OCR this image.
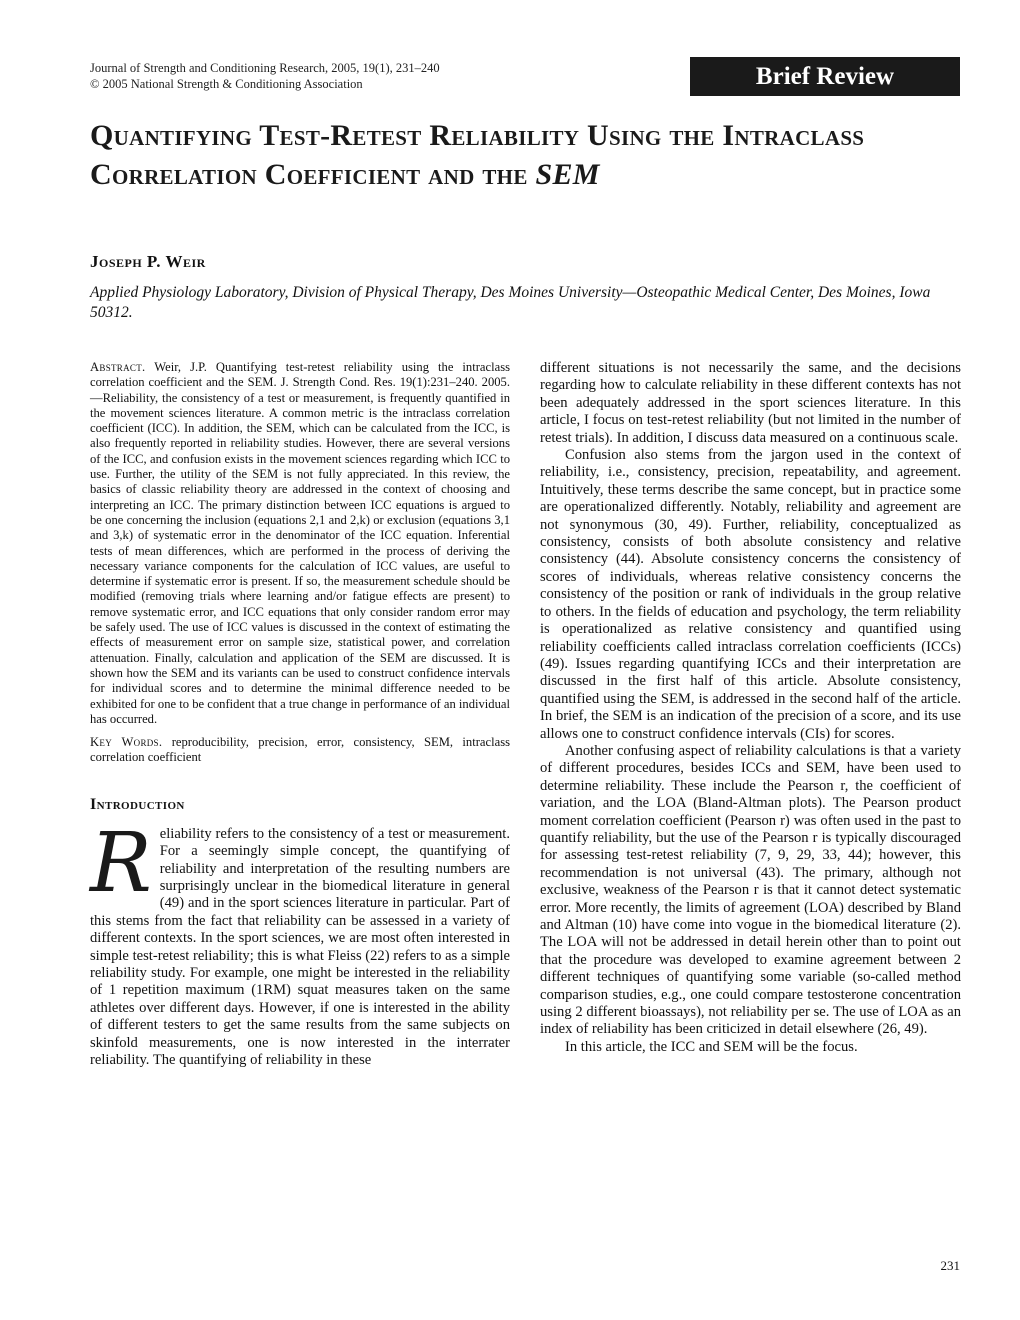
Journal of Strength and Conditioning Research, 2005, 19(1), 231–240
© 2005 National Strength & Conditioning Association	Brief Review
Quantifying Test-Retest Reliability Using the Intraclass Correlation Coefficient and the SEM
Joseph P. Weir
Applied Physiology Laboratory, Division of Physical Therapy, Des Moines University—Osteopathic Medical Center, Des Moines, Iowa 50312.

Abstract. Weir, J.P. Quantifying test-retest reliability using the intraclass correlation coefficient and the SEM. J. Strength Cond. Res. 19(1):231–240. 2005.—Reliability, the consistency of a test or measurement, is frequently quantified in the movement sciences literature. A common metric is the intraclass correlation coefficient (ICC). In addition, the SEM, which can be calculated from the ICC, is also frequently reported in reliability studies. However, there are several versions of the ICC, and confusion exists in the movement sciences regarding which ICC to use. Further, the utility of the SEM is not fully appreciated. In this review, the basics of classic reliability theory are addressed in the context of choosing and interpreting an ICC. The primary distinction between ICC equations is argued to be one concerning the inclusion (equations 2,1 and 2,k) or exclusion (equations 3,1 and 3,k) of systematic error in the denominator of the ICC equation. Inferential tests of mean differences, which are performed in the process of deriving the necessary variance components for the calculation of ICC values, are useful to determine if systematic error is present. If so, the measurement schedule should be modified (removing trials where learning and/or fatigue effects are present) to remove systematic error, and ICC equations that only consider random error may be safely used. The use of ICC values is discussed in the context of estimating the effects of measurement error on sample size, statistical power, and correlation attenuation. Finally, calculation and application of the SEM are discussed. It is shown how the SEM and its variants can be used to construct confidence intervals for individual scores and to determine the minimal difference needed to be exhibited for one to be confident that a true change in performance of an individual has occurred.

Key Words. reproducibility, precision, error, consistency, SEM, intraclass correlation coefficient

Introduction

Reliability refers to the consistency of a test or measurement. For a seemingly simple concept, the quantifying of reliability and interpretation of the resulting numbers are surprisingly unclear in the biomedical literature in general (49) and in the sport sciences literature in particular. Part of this stems from the fact that reliability can be assessed in a variety of different contexts. In the sport sciences, we are most often interested in simple test-retest reliability; this is what Fleiss (22) refers to as a simple reliability study. For example, one might be interested in the reliability of 1 repetition maximum (1RM) squat measures taken on the same athletes over different days. However, if one is interested in the ability of different testers to get the same results from the same subjects on skinfold measurements, one is now interested in the interrater reliability. The quantifying of reliability in these

different situations is not necessarily the same, and the decisions regarding how to calculate reliability in these different contexts has not been adequately addressed in the sport sciences literature. In this article, I focus on test-retest reliability (but not limited in the number of retest trials). In addition, I discuss data measured on a continuous scale.

Confusion also stems from the jargon used in the context of reliability, i.e., consistency, precision, repeatability, and agreement. Intuitively, these terms describe the same concept, but in practice some are operationalized differently. Notably, reliability and agreement are not synonymous (30, 49). Further, reliability, conceptualized as consistency, consists of both absolute consistency and relative consistency (44). Absolute consistency concerns the consistency of scores of individuals, whereas relative consistency concerns the consistency of the position or rank of individuals in the group relative to others. In the fields of education and psychology, the term reliability is operationalized as relative consistency and quantified using reliability coefficients called intraclass correlation coefficients (ICCs) (49). Issues regarding quantifying ICCs and their interpretation are discussed in the first half of this article. Absolute consistency, quantified using the SEM, is addressed in the second half of the article. In brief, the SEM is an indication of the precision of a score, and its use allows one to construct confidence intervals (CIs) for scores.

Another confusing aspect of reliability calculations is that a variety of different procedures, besides ICCs and SEM, have been used to determine reliability. These include the Pearson r, the coefficient of variation, and the LOA (Bland-Altman plots). The Pearson product moment correlation coefficient (Pearson r) was often used in the past to quantify reliability, but the use of the Pearson r is typically discouraged for assessing test-retest reliability (7, 9, 29, 33, 44); however, this recommendation is not universal (43). The primary, although not exclusive, weakness of the Pearson r is that it cannot detect systematic error. More recently, the limits of agreement (LOA) described by Bland and Altman (10) have come into vogue in the biomedical literature (2). The LOA will not be addressed in detail herein other than to point out that the procedure was developed to examine agreement between 2 different techniques of quantifying some variable (so-called method comparison studies, e.g., one could compare testosterone concentration using 2 different bioassays), not reliability per se. The use of LOA as an index of reliability has been criticized in detail elsewhere (26, 49).

In this article, the ICC and SEM will be the focus.

231
